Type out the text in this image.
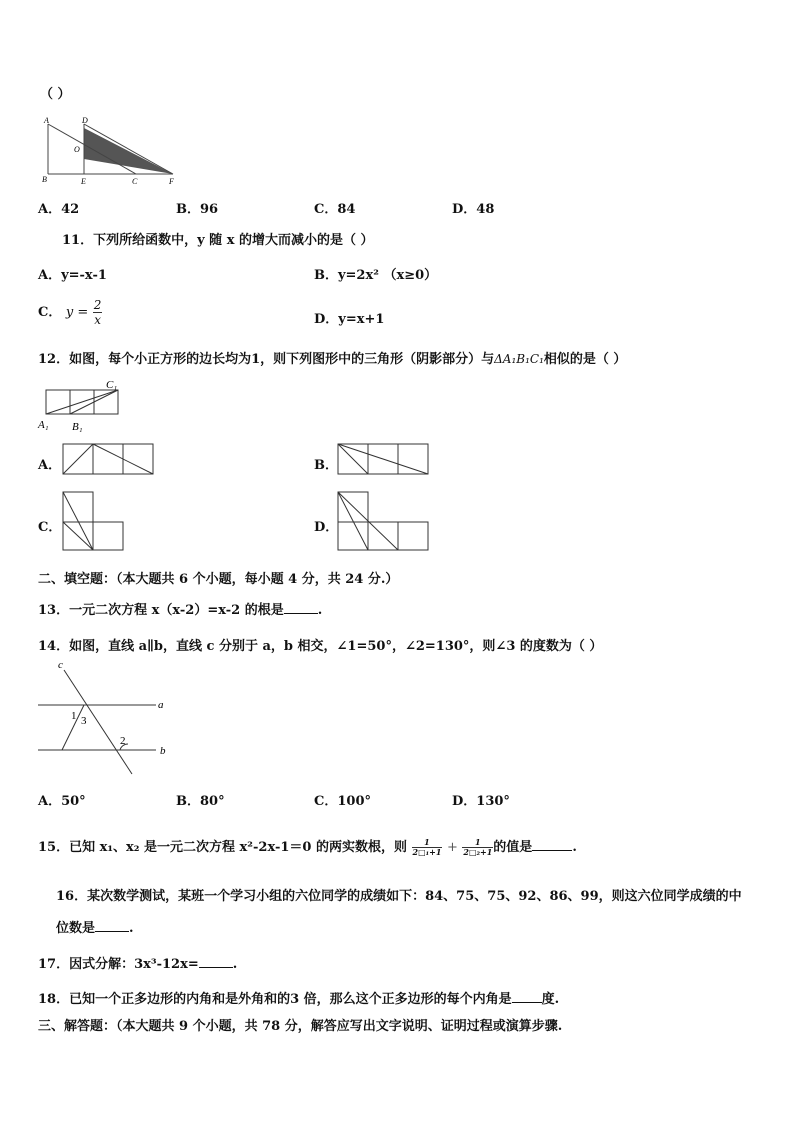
（ ）
A
B
D
O
E	C	F
A．42	B．96	C．84	D．48
11．下列所给函数中，y 随 x 的增大而减小的是（ ）
A．y=-x-1	B．y=2x² （x≥0）
C． $y = \frac{2}{x}$	D．y=x+1
12．如图，每个小正方形的边长均为1，则下列图形中的三角形（阴影部分）与ΔA₁B₁C₁相似的是（ ）
A₁ B₁
C₁
A．	B．
C．	D．
二、填空题：（本大题共 6 个小题，每小题 4 分，共 24 分.）
13．一元二次方程 x（x-2）=x-2 的根是	.
14．如图，直线 a∥b，直线 c 分别于 a，b 相交，∠1=50°，∠2=130°，则∠3 的度数为（ ）
c
a
b
1 3
2
A．50°	B．80°	C．100°	D．130°
15．已知 x₁、x₂ 是一元二次方程 x²-2x-1＝0 的两实数根，则 $\frac{1}{\text{2□₁+1}} + \frac{1}{\text{2□₂+1}}$ 的值是	.
16．某次数学测试，某班一个学习小组的六位同学的成绩如下：84、75、75、92、86、99，则这六位同学成绩的中
位数是	.
17．因式分解：3x³-12x=	.
18．已知一个正多边形的内角和是外角和的3 倍，那么这个正多边形的每个内角是 度.
三、解答题：（本大题共 9 个小题，共 78 分，解答应写出文字说明、证明过程或演算步骤.
